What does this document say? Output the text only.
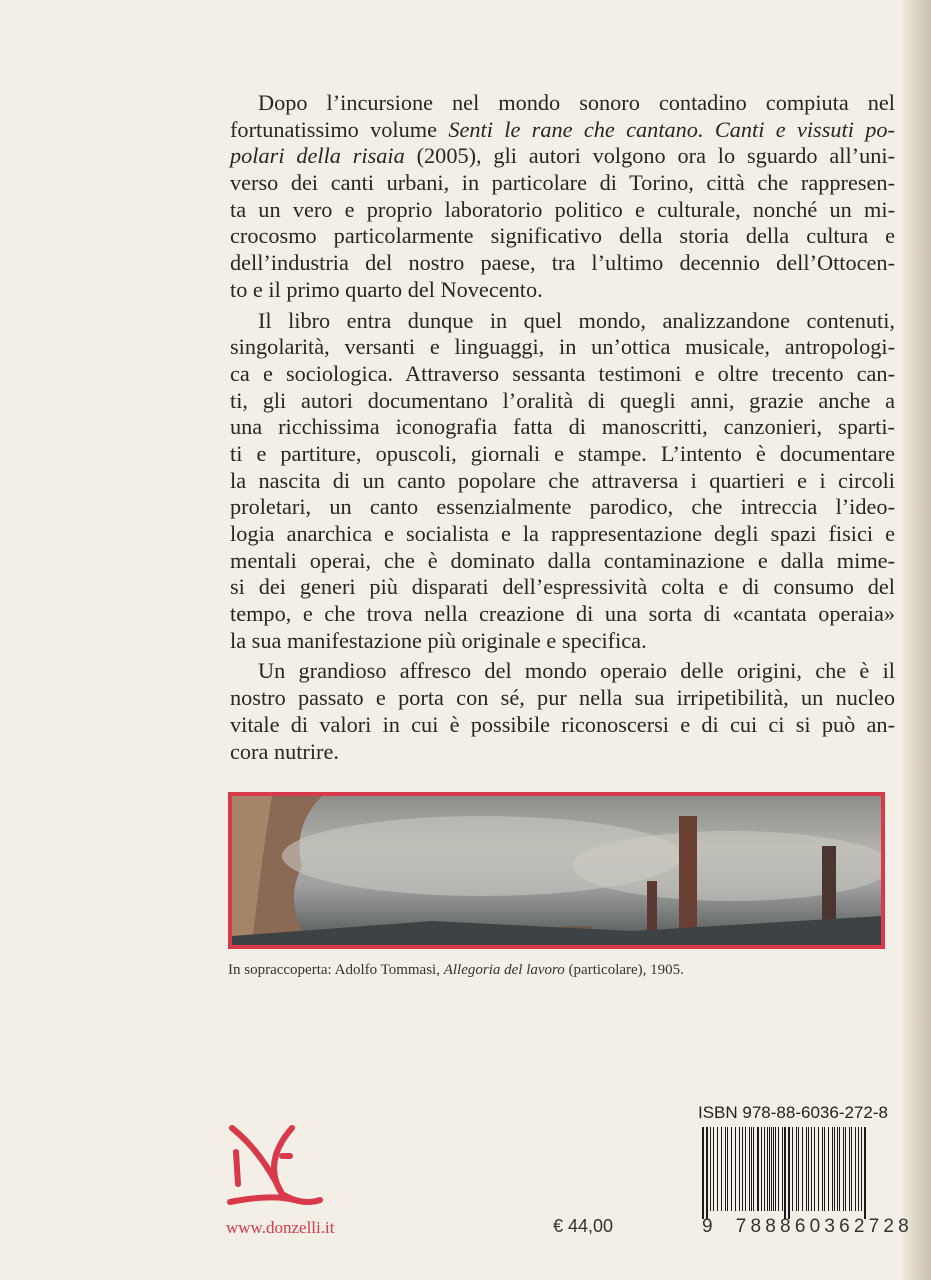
Dopo l’incursione nel mondo sonoro contadino compiuta nel
fortunatissimo volume Senti le rane che cantano. Canti e vissuti po-
polari della risaia (2005), gli autori volgono ora lo sguardo all’uni-
verso dei canti urbani, in particolare di Torino, città che rappresen-
ta un vero e proprio laboratorio politico e culturale, nonché un mi-
crocosmo particolarmente significativo della storia della cultura e
dell’industria del nostro paese, tra l’ultimo decennio dell’Ottocen-
to e il primo quarto del Novecento.
Il libro entra dunque in quel mondo, analizzandone contenuti,
singolarità, versanti e linguaggi, in un’ottica musicale, antropologi-
ca e sociologica. Attraverso sessanta testimoni e oltre trecento can-
ti, gli autori documentano l’oralità di quegli anni, grazie anche a
una ricchissima iconografia fatta di manoscritti, canzonieri, sparti-
ti e partiture, opuscoli, giornali e stampe. L’intento è documentare
la nascita di un canto popolare che attraversa i quartieri e i circoli
proletari, un canto essenzialmente parodico, che intreccia l’ideo-
logia anarchica e socialista e la rappresentazione degli spazi fisici e
mentali operai, che è dominato dalla contaminazione e dalla mime-
si dei generi più disparati dell’espressività colta e di consumo del
tempo, e che trova nella creazione di una sorta di «cantata operaia»
la sua manifestazione più originale e specifica.
Un grandioso affresco del mondo operaio delle origini, che è il
nostro passato e porta con sé, pur nella sua irripetibilità, un nucleo
vitale di valori in cui è possibile riconoscersi e di cui ci si può an-
cora nutrire.
In sopraccoperta: Adolfo Tommasi, Allegoria del lavoro (particolare), 1905.
www.donzelli.it	€ 44,00
ISBN 978-88-6036-272-8
9 788860362728
